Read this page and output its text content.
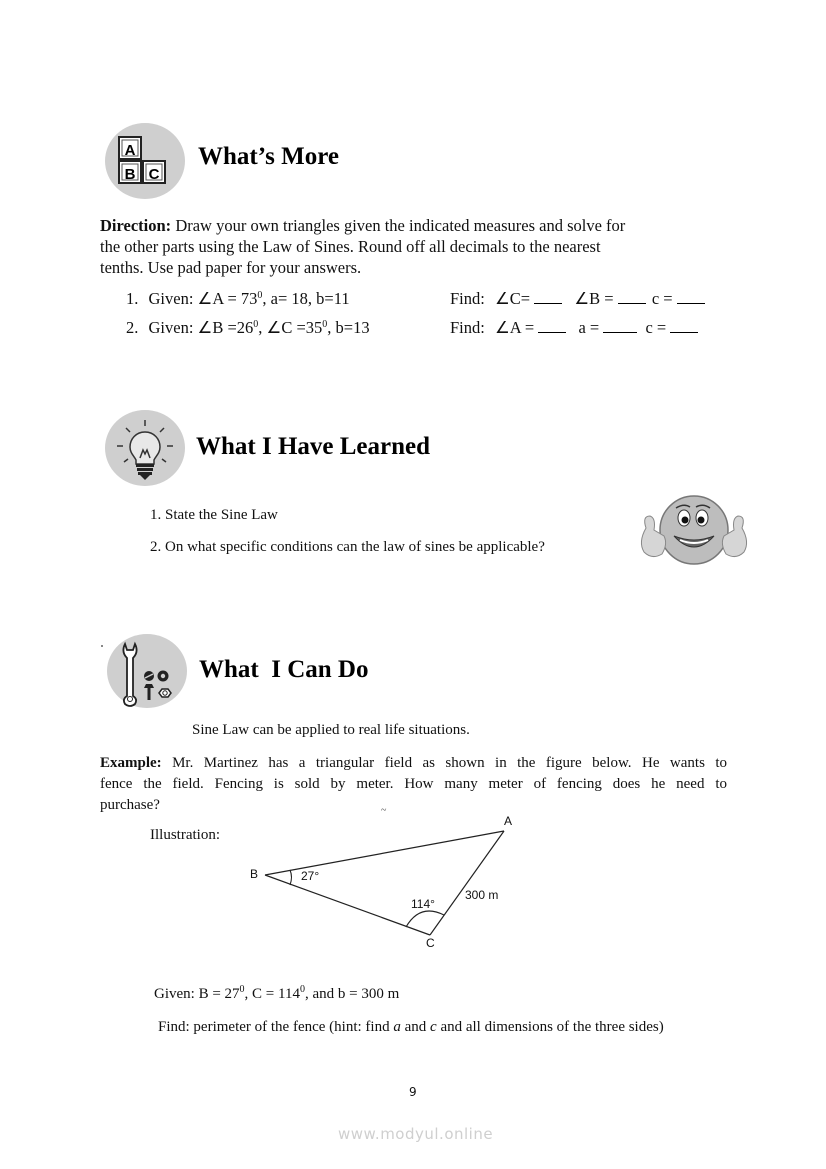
A
B C
What’s More
Direction: Draw your own triangles given the indicated measures and solve for
the other parts using the Law of Sines. Round off all decimals to the nearest
tenths. Use pad paper for your answers.
1. Given: ∠A = $73^0$, a= 18, b=11	Find: ∠C=	∠B = c =
2. Given: ∠B $=26^0$, ∠C $=35^0$, b=13	Find: ∠A =	a =	c =
What I Have Learned
1. State the Sine Law
2. On what specific conditions can the law of sines be applicable?
What  I Can Do
Sine Law can be applied to real life situations.
Example: Mr. Martinez has a triangular field as shown in the figure below. He wants to
fence the field. Fencing is sold by meter. How many meter of fencing does he need to
purchase?
Illustration:
A
B
C
27°
114°
300 m
~
Given: $B = 27^0$, $C = 114^0$, and b = 300 m
Find: perimeter of the fence (hint: find a and c and all dimensions of the three sides)
9
www.modyul.online
